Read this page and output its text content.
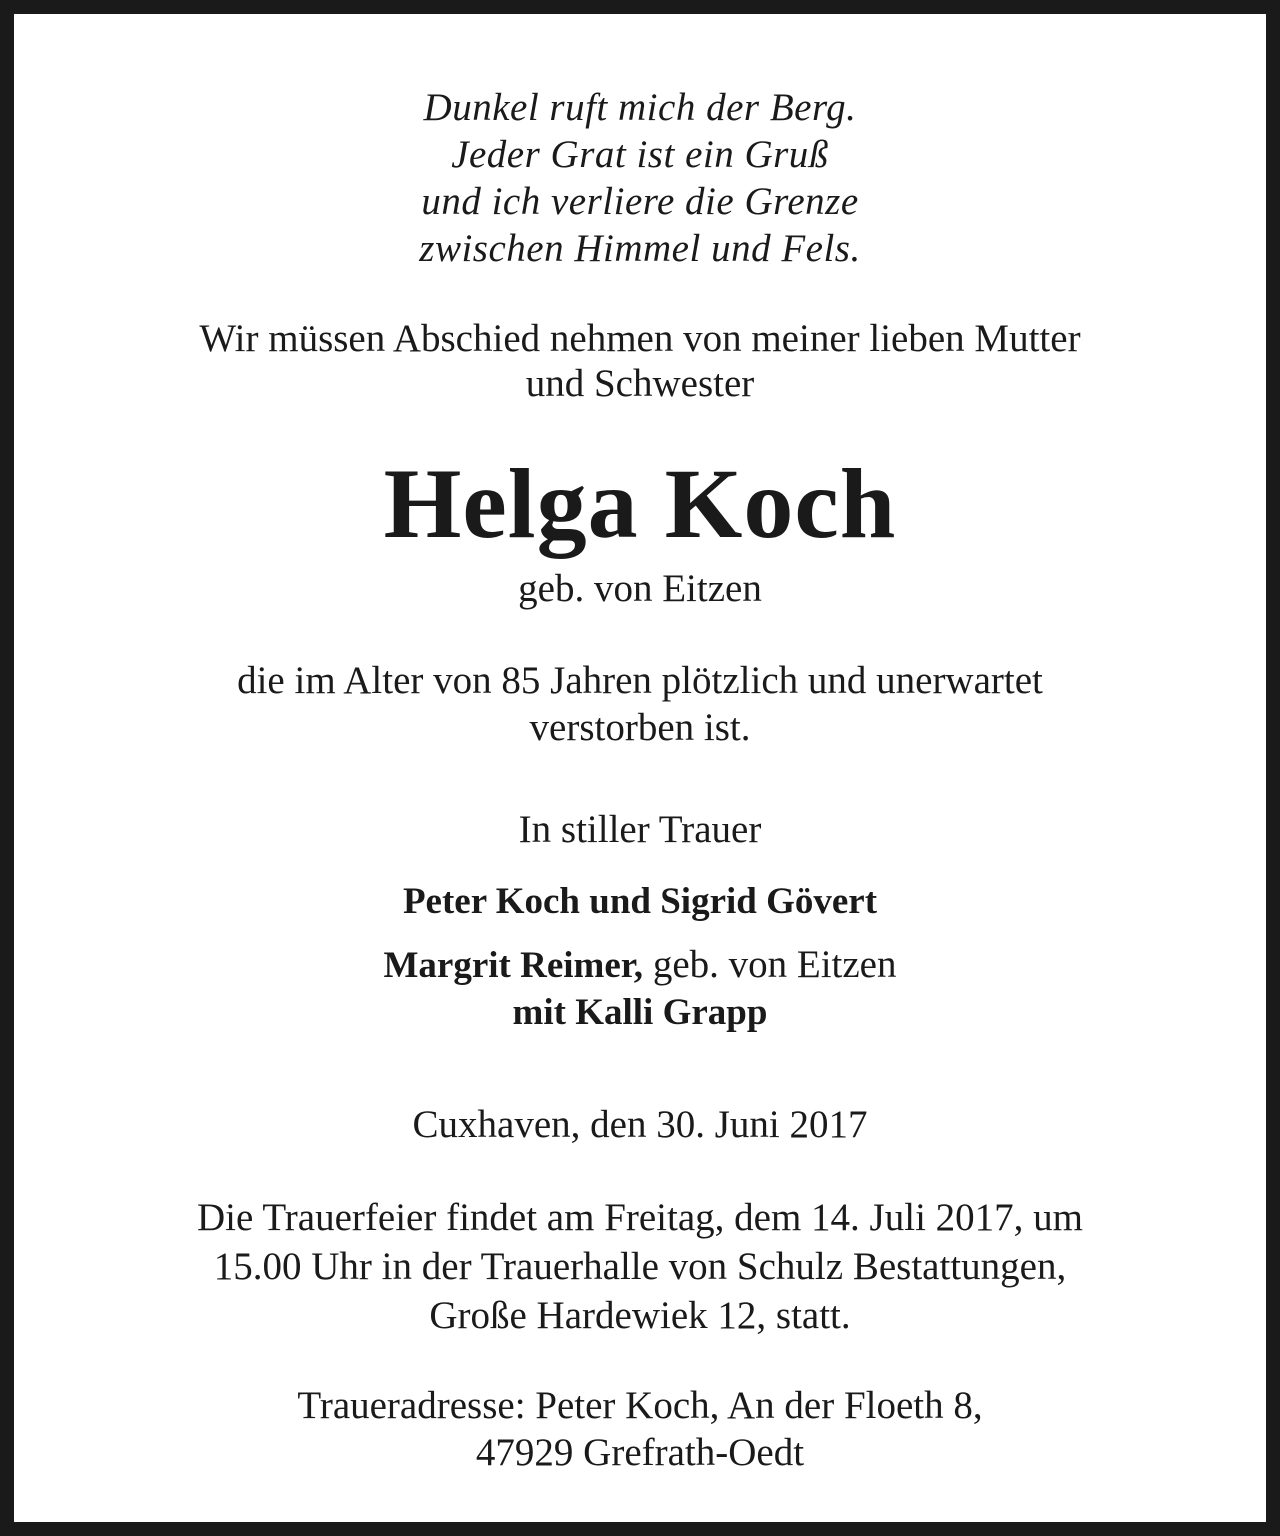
Dunkel ruft mich der Berg.
Jeder Grat ist ein Gruß
und ich verliere die Grenze
zwischen Himmel und Fels.
Wir müssen Abschied nehmen von meiner lieben Mutter
und Schwester
Helga Koch
geb. von Eitzen
die im Alter von 85 Jahren plötzlich und unerwartet
verstorben ist.
In stiller Trauer
Peter Koch und Sigrid Gövert
Margrit Reimer, geb. von Eitzen
mit Kalli Grapp
Cuxhaven, den 30. Juni 2017
Die Trauerfeier findet am Freitag, dem 14. Juli 2017, um
15.00 Uhr in der Trauerhalle von Schulz Bestattungen,
Große Hardewiek 12, statt.
Traueradresse: Peter Koch, An der Floeth 8,
47929 Grefrath-Oedt
